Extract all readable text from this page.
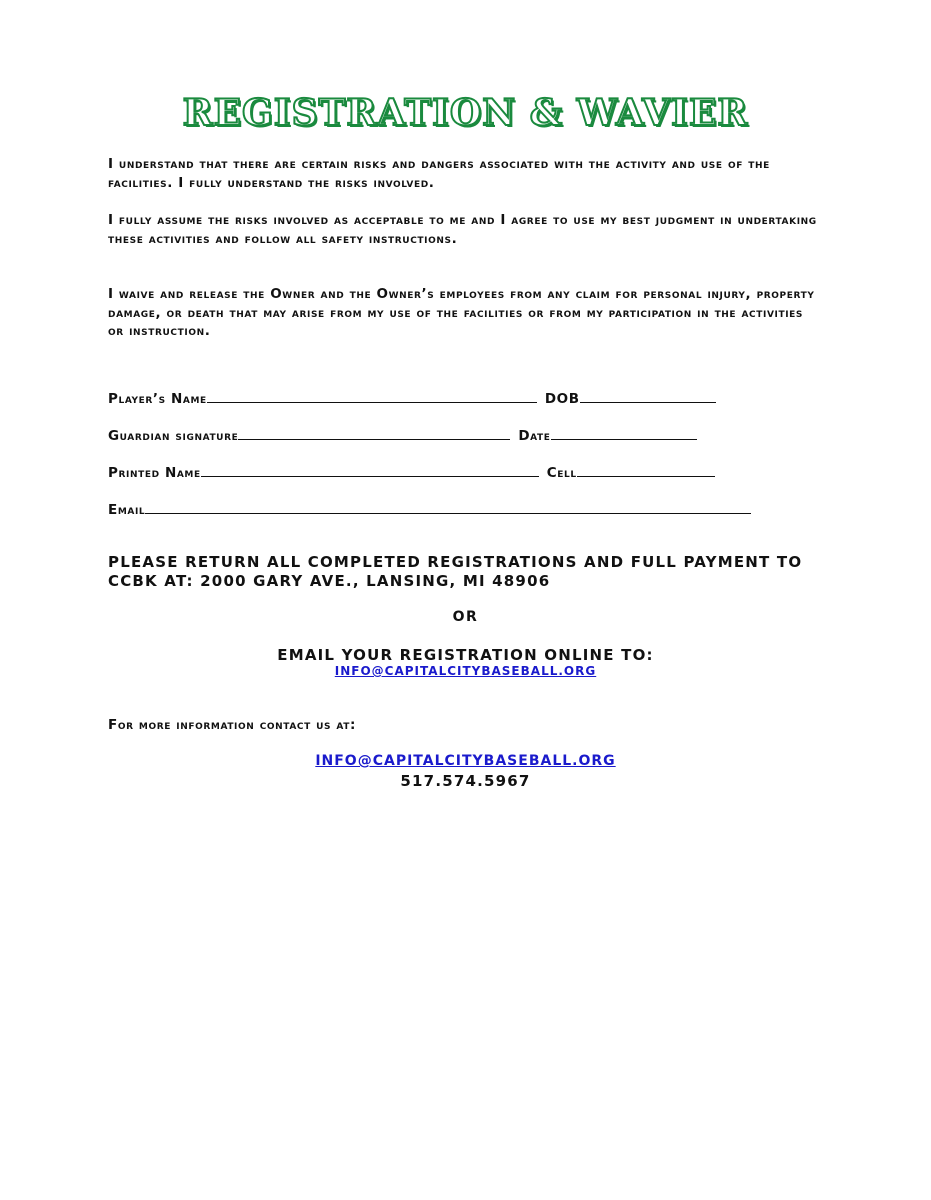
REGISTRATION & WAVIER

I understand that there are certain risks and dangers associated with the activity and use of the facilities. I fully understand the risks involved.

I fully assume the risks involved as acceptable to me and I agree to use my best judgment in undertaking these activities and follow all safety instructions.

I waive and release the Owner and the Owner’s employees from any claim for personal injury, property damage, or death that may arise from my use of the facilities or from my participation in the activities or instruction.

Player’s Name	DOB
Guardian signature	Date
Printed Name	Cell
Email
PLEASE RETURN ALL COMPLETED REGISTRATIONS AND FULL PAYMENT TO CCBK AT: 2000 GARY AVE., LANSING, MI 48906
OR
EMAIL YOUR REGISTRATION ONLINE TO:
INFO@CAPITALCITYBASEBALL.ORG
For more information contact us at:
INFO@CAPITALCITYBASEBALL.ORG
517.574.5967
